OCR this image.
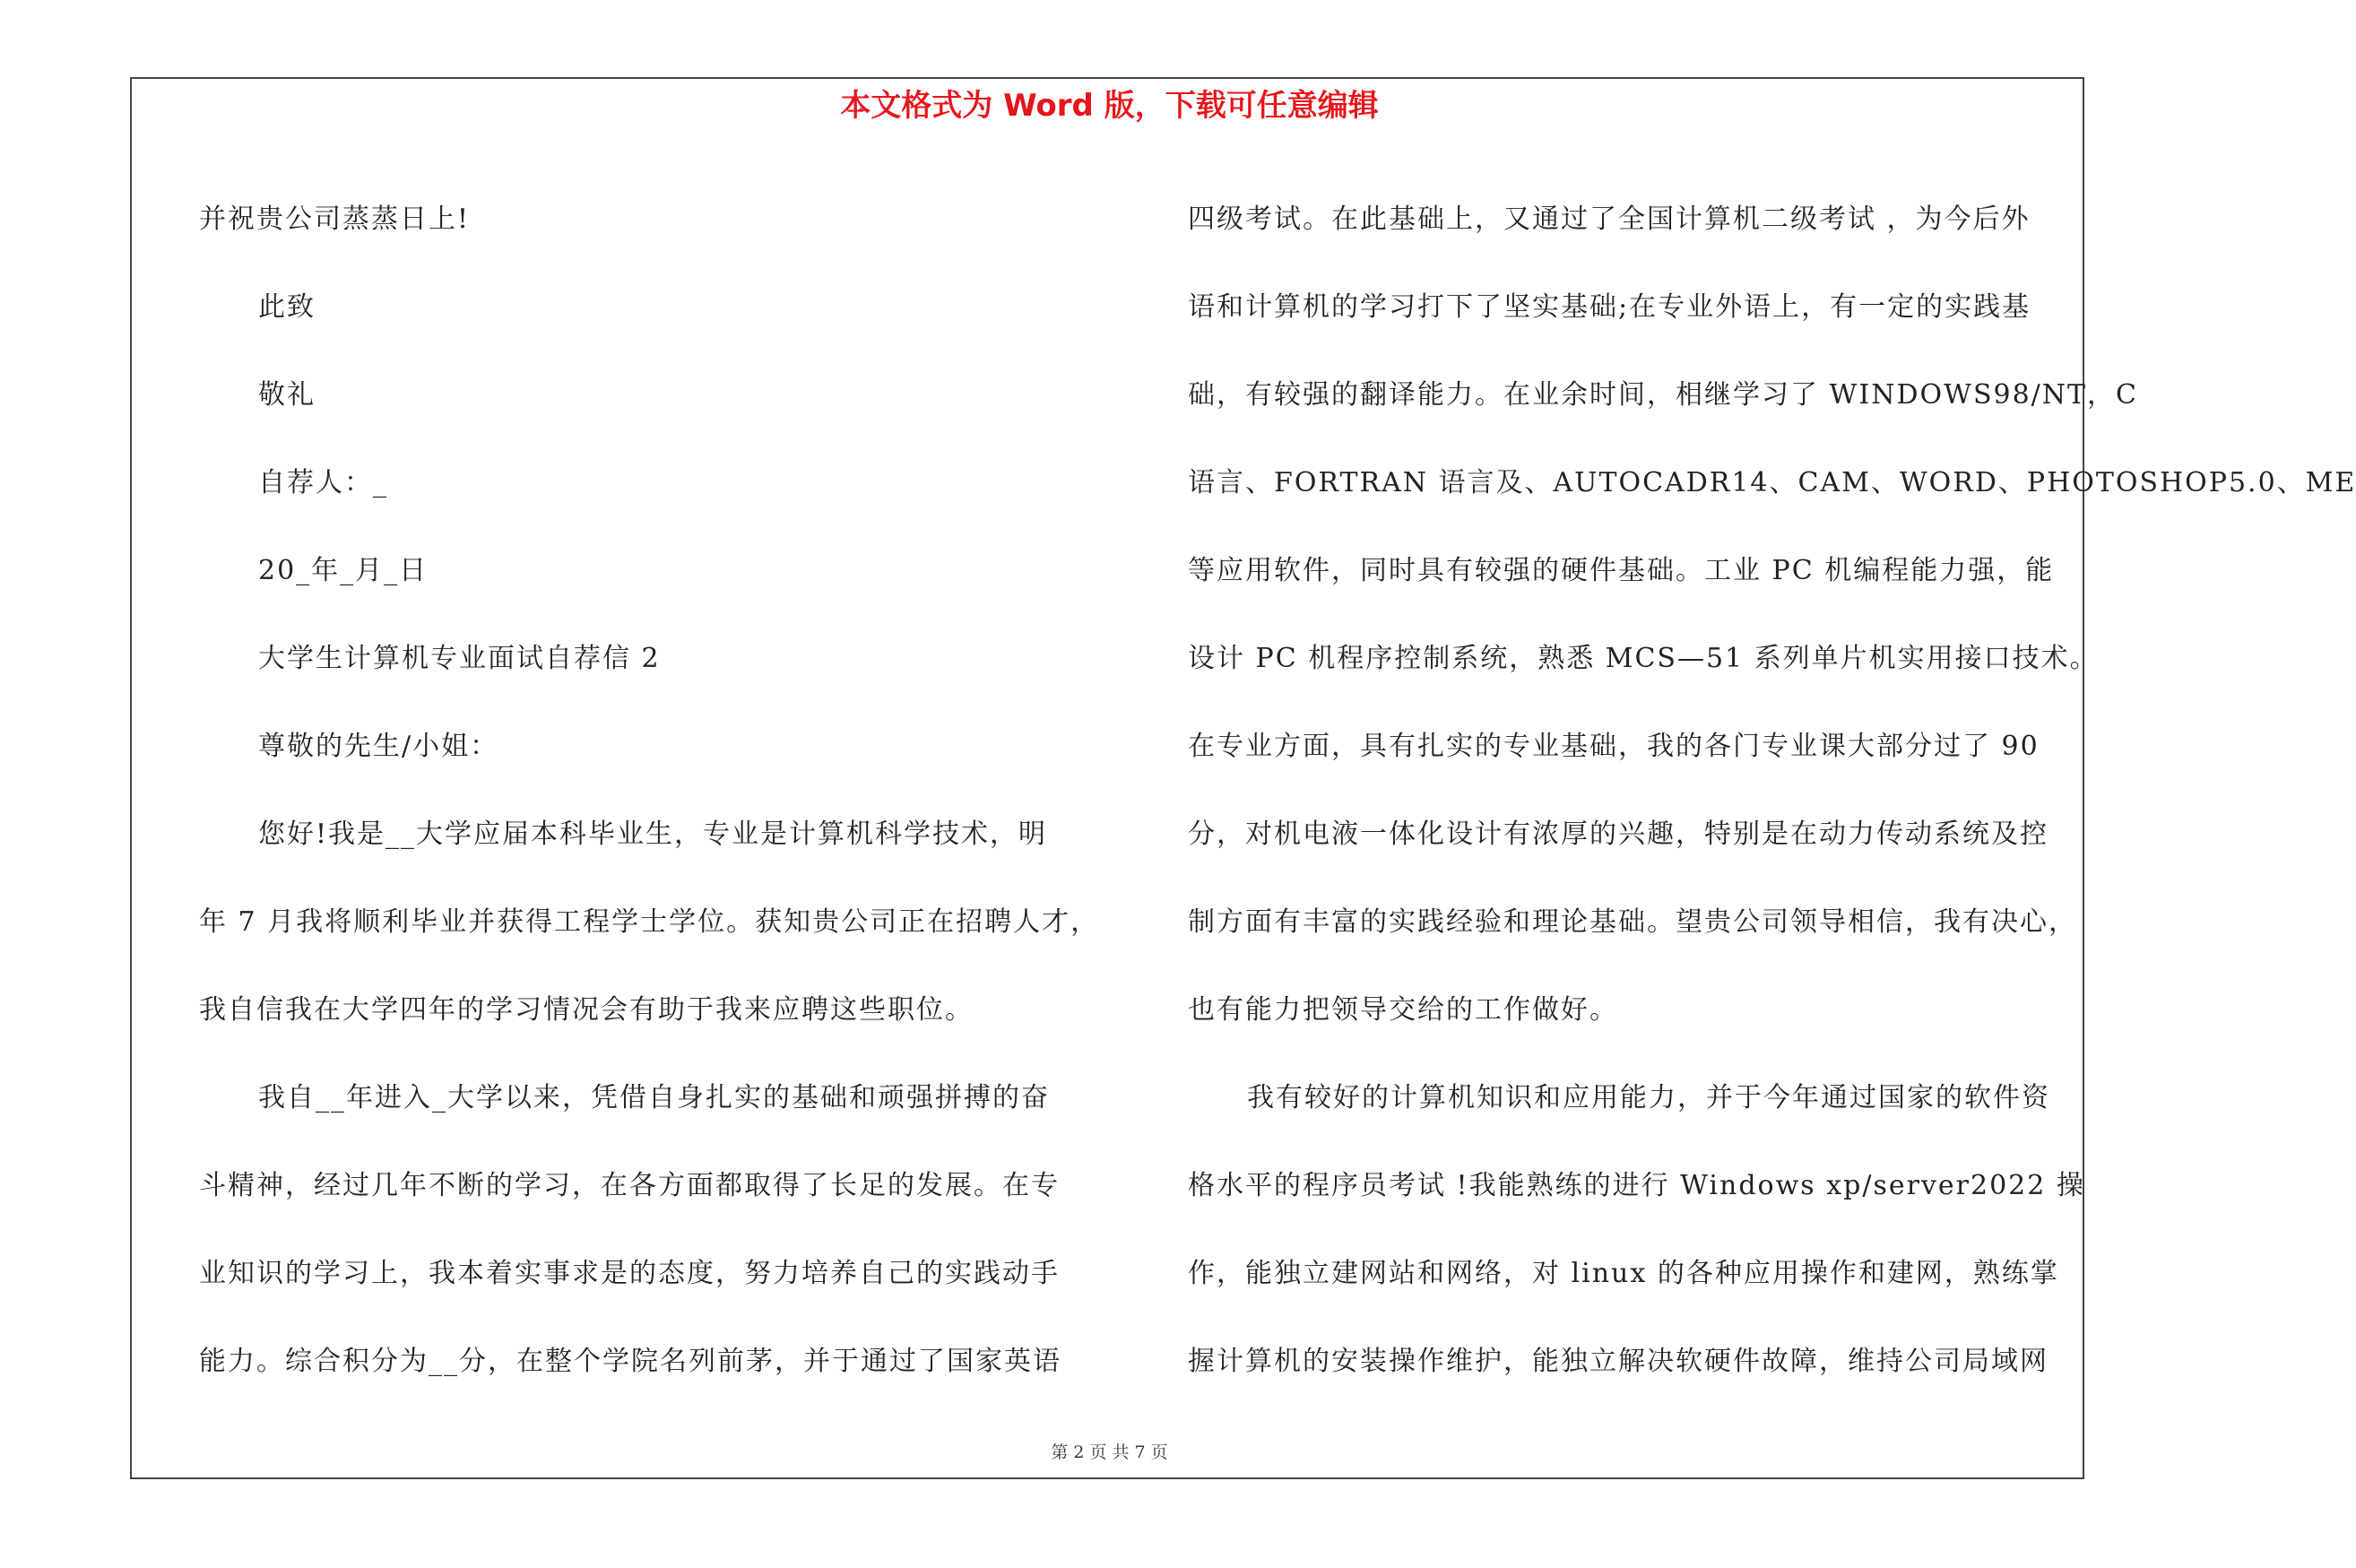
本文格式为 Word 版，下载可任意编辑
并祝贵公司蒸蒸日上!
此致
敬礼
自荐人：_
20_年_月_日
大学生计算机专业面试自荐信 2
尊敬的先生/小姐：
您好!我是__大学应届本科毕业生，专业是计算机科学技术，明
年 7 月我将顺利毕业并获得工程学士学位。获知贵公司正在招聘人才，
我自信我在大学四年的学习情况会有助于我来应聘这些职位。
我自__年进入_大学以来，凭借自身扎实的基础和顽强拼搏的奋
斗精神，经过几年不断的学习，在各方面都取得了长足的发展。在专
业知识的学习上，我本着实事求是的态度，努力培养自己的实践动手
能力。综合积分为__分，在整个学院名列前茅，并于通过了国家英语
四级考试。在此基础上，又通过了全国计算机二级考试 ，为今后外
语和计算机的学习打下了坚实基础;在专业外语上，有一定的实践基
础，有较强的翻译能力。在业余时间，相继学习了 WINDOWS98/NT，C
语言、FORTRAN 语言及、AUTOCADR14、CAM、WORD、PHOTOSHOP5.0、ME
等应用软件，同时具有较强的硬件基础。工业 PC 机编程能力强，能
设计 PC 机程序控制系统，熟悉 MCS—51 系列单片机实用接口技术。
在专业方面，具有扎实的专业基础，我的各门专业课大部分过了 90
分，对机电液一体化设计有浓厚的兴趣，特别是在动力传动系统及控
制方面有丰富的实践经验和理论基础。望贵公司领导相信，我有决心，
也有能力把领导交给的工作做好。
我有较好的计算机知识和应用能力，并于今年通过国家的软件资
格水平的程序员考试 !我能熟练的进行 Windows xp/server2022 操
作，能独立建网站和网络，对 linux 的各种应用操作和建网，熟练掌
握计算机的安装操作维护，能独立解决软硬件故障，维持公司局域网
第 2 页 共 7 页
